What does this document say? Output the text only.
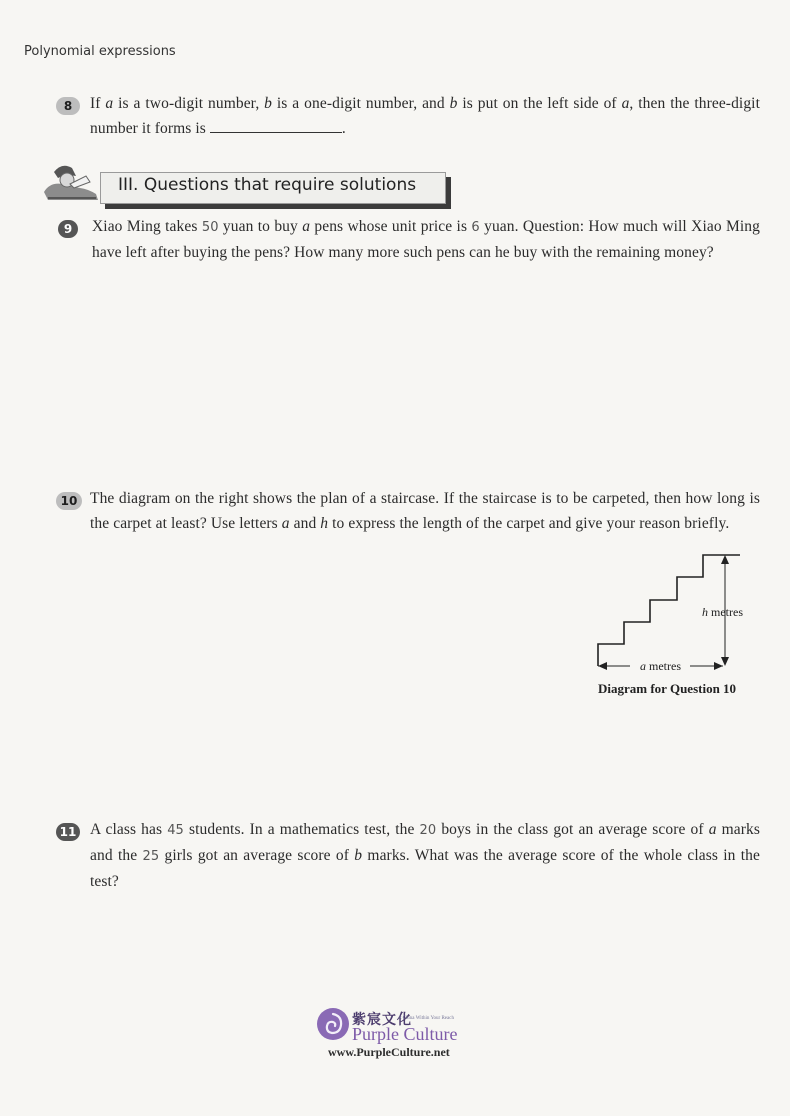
Polynomial expressions
8	If a is a two-digit number, b is a one-digit number, and b is put on the left side of a, then the three-digit number it forms is	.
III. Questions that require solutions
9	Xiao Ming takes 50 yuan to buy a pens whose unit price is 6 yuan. Question: How much will Xiao Ming have left after buying the pens? How many more such pens can he buy with the remaining money?
10 The diagram on the right shows the plan of a staircase. If the staircase is to be carpeted, then how long is the carpet at least? Use letters a and h to express the length of the carpet and give your reason briefly.
h metres
a metres
Diagram for Question 10
11 A class has 45 students. In a mathematics test, the 20 boys in the class got an average score of a marks and the 25 girls got an average score of b marks. What was the average score of the whole class in the test?
紫宸文化
A China Within Your Reach
Purple Culture
www.PurpleCulture.net
